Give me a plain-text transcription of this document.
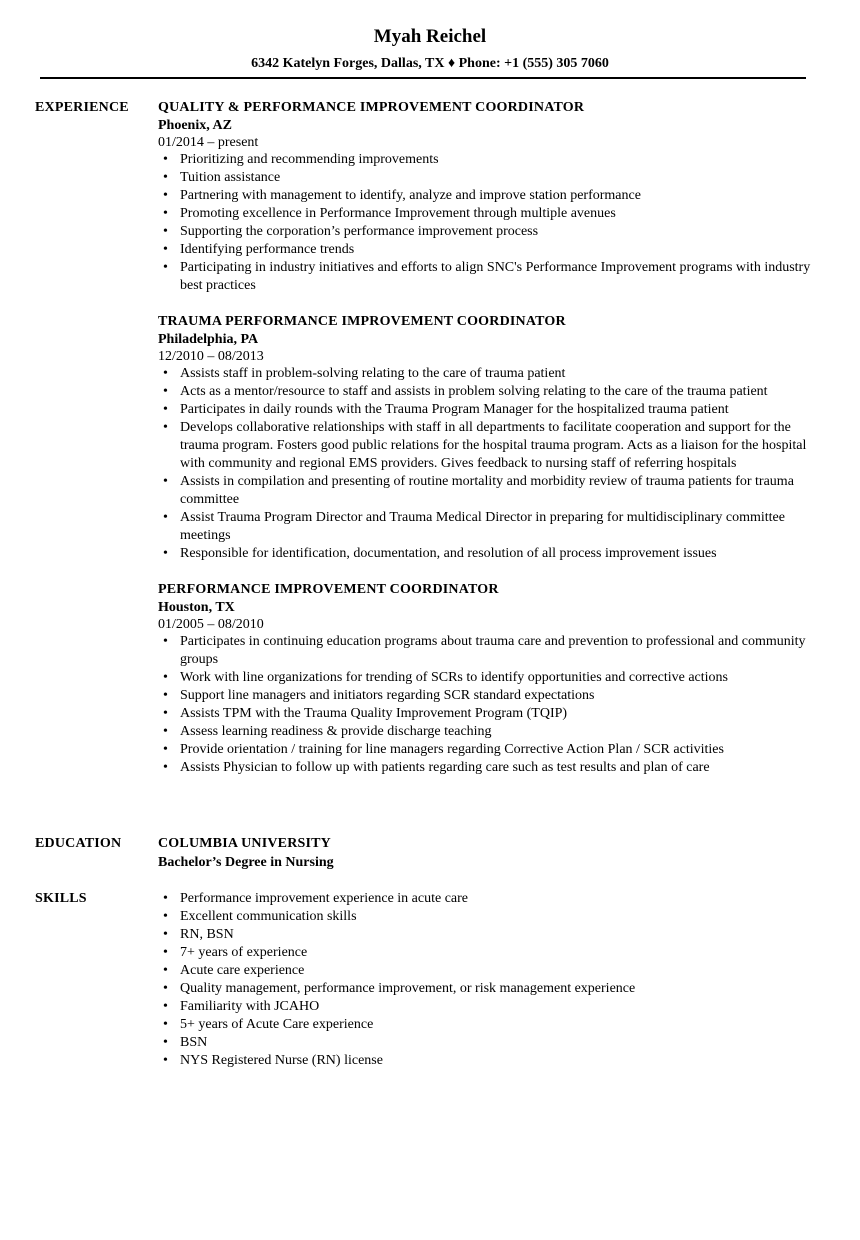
Myah Reichel
6342 Katelyn Forges, Dallas, TX ♦ Phone: +1 (555) 305 7060
EXPERIENCE	QUALITY & PERFORMANCE IMPROVEMENT COORDINATOR
Phoenix, AZ
01/2014 – present
• Prioritizing and recommending improvements
• Tuition assistance
• Partnering with management to identify, analyze and improve station performance
• Promoting excellence in Performance Improvement through multiple avenues
• Supporting the corporation’s performance improvement process
• Identifying performance trends
• Participating in industry initiatives and efforts to align SNC's Performance Improvement programs with industry best practices
TRAUMA PERFORMANCE IMPROVEMENT COORDINATOR
Philadelphia, PA
12/2010 – 08/2013
• Assists staff in problem-solving relating to the care of trauma patient
• Acts as a mentor/resource to staff and assists in problem solving relating to the care of the trauma patient
• Participates in daily rounds with the Trauma Program Manager for the hospitalized trauma patient
• Develops collaborative relationships with staff in all departments to facilitate cooperation and support for the trauma program. Fosters good public relations for the hospital trauma program. Acts as a liaison for the hospital with community and regional EMS providers. Gives feedback to nursing staff of referring hospitals
• Assists in compilation and presenting of routine mortality and morbidity review of trauma patients for trauma committee
• Assist Trauma Program Director and Trauma Medical Director in preparing for multidisciplinary committee meetings
• Responsible for identification, documentation, and resolution of all process improvement issues
PERFORMANCE IMPROVEMENT COORDINATOR
Houston, TX
01/2005 – 08/2010
• Participates in continuing education programs about trauma care and prevention to professional and community groups
• Work with line organizations for trending of SCRs to identify opportunities and corrective actions
• Support line managers and initiators regarding SCR standard expectations
• Assists TPM with the Trauma Quality Improvement Program (TQIP)
• Assess learning readiness & provide discharge teaching
• Provide orientation / training for line managers regarding Corrective Action Plan / SCR activities
• Assists Physician to follow up with patients regarding care such as test results and plan of care
EDUCATION	COLUMBIA UNIVERSITY
Bachelor’s Degree in Nursing
SKILLS
•	Performance improvement experience in acute care
• Excellent communication skills
• RN, BSN
• 7+ years of experience
• Acute care experience
• Quality management, performance improvement, or risk management experience
• Familiarity with JCAHO
• 5+ years of Acute Care experience
• BSN
• NYS Registered Nurse (RN) license
